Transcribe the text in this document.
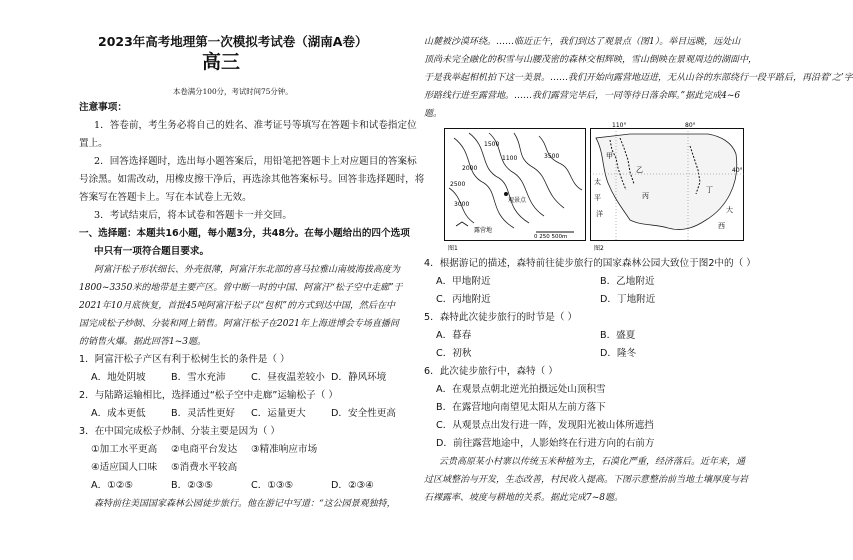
2023年高考地理第一次模拟考试卷（湖南A卷）
高三
本卷满分100分，考试时间75分钟。
注意事项：
1．答卷前，考生务必将自己的姓名、准考证号等填写在答题卡和试卷指定位
置上。
2．回答选择题时，选出每小题答案后，用铅笔把答题卡上对应题目的答案标
号涂黑。如需改动，用橡皮擦干净后，再选涂其他答案标号。回答非选择题时，将
答案写在答题卡上。写在本试卷上无效。
3．考试结束后，将本试卷和答题卡一并交回。
一、选择题：本题共16小题，每小题3分，共48分。在每小题给出的四个选项
中只有一项符合题目要求。
阿富汗松子形状细长、外壳很薄，阿富汗东北部的喜马拉雅山南坡海拔高度为
1800~3350米的地带是主要产区。曾中断一时的中国、阿富汗“松子空中走廊”于
2021年10月底恢复，首批45吨阿富汗松子以“包机”的方式到达中国，然后在中
国完成松子炒制、分装和网上销售。阿富汗松子在2021年上海进博会专场直播间
的销售火爆。据此回答1~3题。
1．阿富汗松子产区有利于松树生长的条件是（ ）
A．地处阴坡	B．雪水充沛	C．昼夜温差较小 D．静风环境
2．与陆路运输相比，选择通过“松子空中走廊”运输松子（ ）
A．成本更低	B．灵活性更好 C．运量更大	D．安全性更高
3．在中国完成松子炒制、分装主要是因为（ ）
①加工水平更高 ②电商平台发达 ③精准响应市场
④适应国人口味 ⑤消费水平较高
A．①②⑤	B．②③⑤	C．①③⑤	D．②③④
森特前往美国国家森林公园徒步旅行。他在游记中写道：“这公园景观独特，
山麓被沙漠环绕。……临近正午，我们到达了观景点（图1）。举目远眺，远处山
顶尚未完全融化的积雪与山腰茂密的森林交相辉映，雪山倒映在景观周边的湖面中，
于是我举起相机拍下这一美景。……我们开始向露营地迈进，无从山谷的东部绕行一段平路后，再沿着‘之’字
形路线行进至露营地。……我们露营完毕后，一同等待日落余晖。”据此完成4~6
题。
1500
2000
2500
3000
1100	3500
露营地
观景点
0 250 500m
图1
110°	80°
40°
甲
乙
丙
丁
太
平
洋	大
西
图2
4．根据游记的描述，森特前往徒步旅行的国家森林公园大致位于图2中的（ ）
A．甲地附近	B．乙地附近
C．丙地附近	D．丁地附近
5．森特此次徒步旅行的时节是（ ）
A．暮春	B．盛夏
C．初秋	D．隆冬
6．此次徒步旅行中，森特（ ）
A．在观景点朝北逆光拍摄远处山顶积雪
B．在露营地向南望见太阳从左前方落下
C．从观景点出发行进一阵，发现阳光被山体所遮挡
D．前往露营地途中，人影始终在行进方向的右前方
云贵高原某小村寨以传统玉米种植为主，石漠化严重，经济落后。近年来，通
过区域整治与开发，生态改善，村民收入提高。下图示意整治前当地土壤厚度与岩
石裸露率、坡度与耕地的关系。据此完成7~8题。
